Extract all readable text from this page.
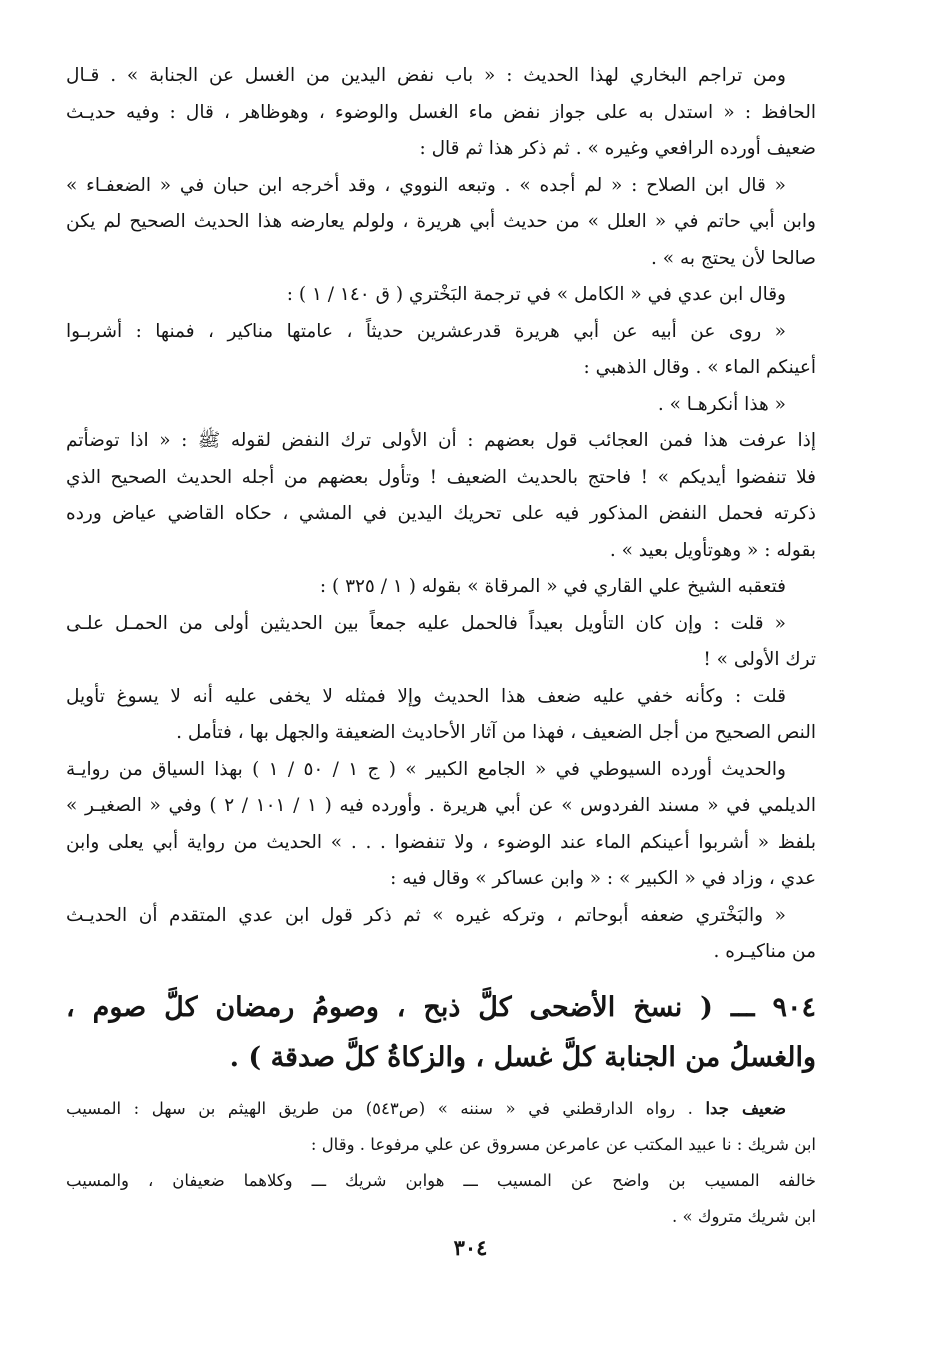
ومن تراجم البخاري لهذا الحديث : « باب نفض اليدين من الغسل عن الجنابة » . قـال
الحافظ : « استدل به على جواز نفض ماء الغسل والوضوء ، وهوظاهر ، قال : وفيه حديـث
ضعيف أورده الرافعي وغيره » . ثم ذكر هذا ثم قال :
« قال ابن الصلاح : « لم أجده » . وتبعه النووي ، وقد أخرجه ابن حبان في « الضعفـاء »
وابن أبي حاتم في « العلل » من حديث أبي هريرة ، ولولم يعارضه هذا الحديث الصحيح لم يكن
صالحا لأن يحتج به » .
وقال ابن عدي في « الكامل » في ترجمة البَخْتري ( ق ١٤٠ / ١ ) :
« روى عن أبيه عن أبي هريرة قدرعشرين حديثاً ، عامتها مناكير ، فمنها : أشربـوا
أعينكم الماء » . وقال الذهبي :
« هذا أنكرهـا » .
إذا عرفت هذا فمن العجائب قول بعضهم : أن الأولى ترك النفض لقوله ﷺ : « اذا توضأتم
فلا تنفضوا أيديكم » ! فاحتج بالحديث الضعيف ! وتأول بعضهم من أجله الحديث الصحيح الذي
ذكرته فحمل النفض المذكور فيه على تحريك اليدين في المشي ، حكاه القاضي عياض ورده
بقوله : « وهوتأويل بعيد » .
فتعقبه الشيخ علي القاري في « المرقاة » بقوله ( ١ / ٣٢٥ ) :
« قلت : وإن كان التأويل بعيداً فالحمل عليه جمعاً بين الحديثين أولى من الحمـل علـى
ترك الأولى » !
قلت : وكأنه خفي عليه ضعف هذا الحديث وإلا فمثله لا يخفى عليه أنه لا يسوغ تأويل
النص الصحيح من أجل الضعيف ، فهذا من آثار الأحاديث الضعيفة والجهل بها ، فتأمل .
والحديث أورده السيوطي في « الجامع الكبير » ( ج ١ / ٥٠ / ١ ) بهذا السياق من روايـة
الديلمي في « مسند الفردوس » عن أبي هريرة . وأورده فيه ( ١ / ١٠١ / ٢ ) وفي « الصغيـر »
بلفظ « أشربوا أعينكم الماء عند الوضوء ، ولا تنفضوا . . . » الحديث من رواية أبي يعلى وابن
عدي ، وزاد في « الكبير » : « وابن عساكر » وقال فيه :
« والبَخْتري ضعفه أبوحاتم ، وتركه غيره » ثم ذكر قول ابن عدي المتقدم أن الحديـث
من مناكيـره .
٩٠٤ ـــ ( نسخ الأضحى كلَّ ذبح ، وصومُ رمضان كلَّ صوم ،
والغسلُ من الجنابة كلَّ غسل ، والزكاةُ كلَّ صدقة ) .
ضعيف جدا . رواه الدارقطني في « سننه » (ص٥٤٣) من طريق الهيثم بن سهل : المسيب
ابن شريك : نا عبيد المكتب عن عامرعن مسروق عن علي مرفوعا . وقال :
خالفه المسيب بن واضح عن المسيب ـــ هوابن شريك ـــ وكلاهما ضعيفان ، والمسيب
ابن شريك متروك » .
٣٠٤
